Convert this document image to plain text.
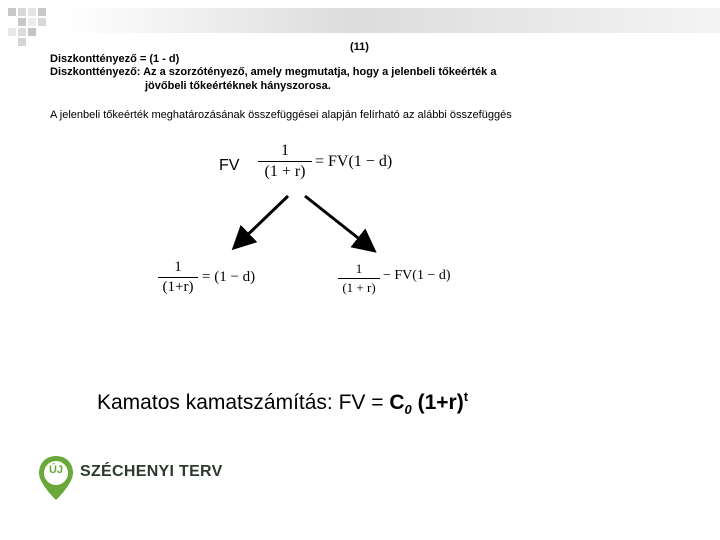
(11)
Diszkonttényező = (1 - d)
Diszkonttényező: Az a szorzótényező, amely megmutatja, hogy a jelenbeli tőkeérték a
jövőbeli tőkeértéknek hányszorosa.
A jelenbeli tőkeérték meghatározásának összefüggései alapján felírható az alábbi összefüggés
FV
1
(1 + r)
= FV(1 − d)
1
(1+r)
= (1 − d)
1
(1 + r)
− FV(1 − d)
Kamatos kamatszámítás: FV = $C_0$ $(1+r)^t$
ÚJ	SZÉCHENYI TERV
